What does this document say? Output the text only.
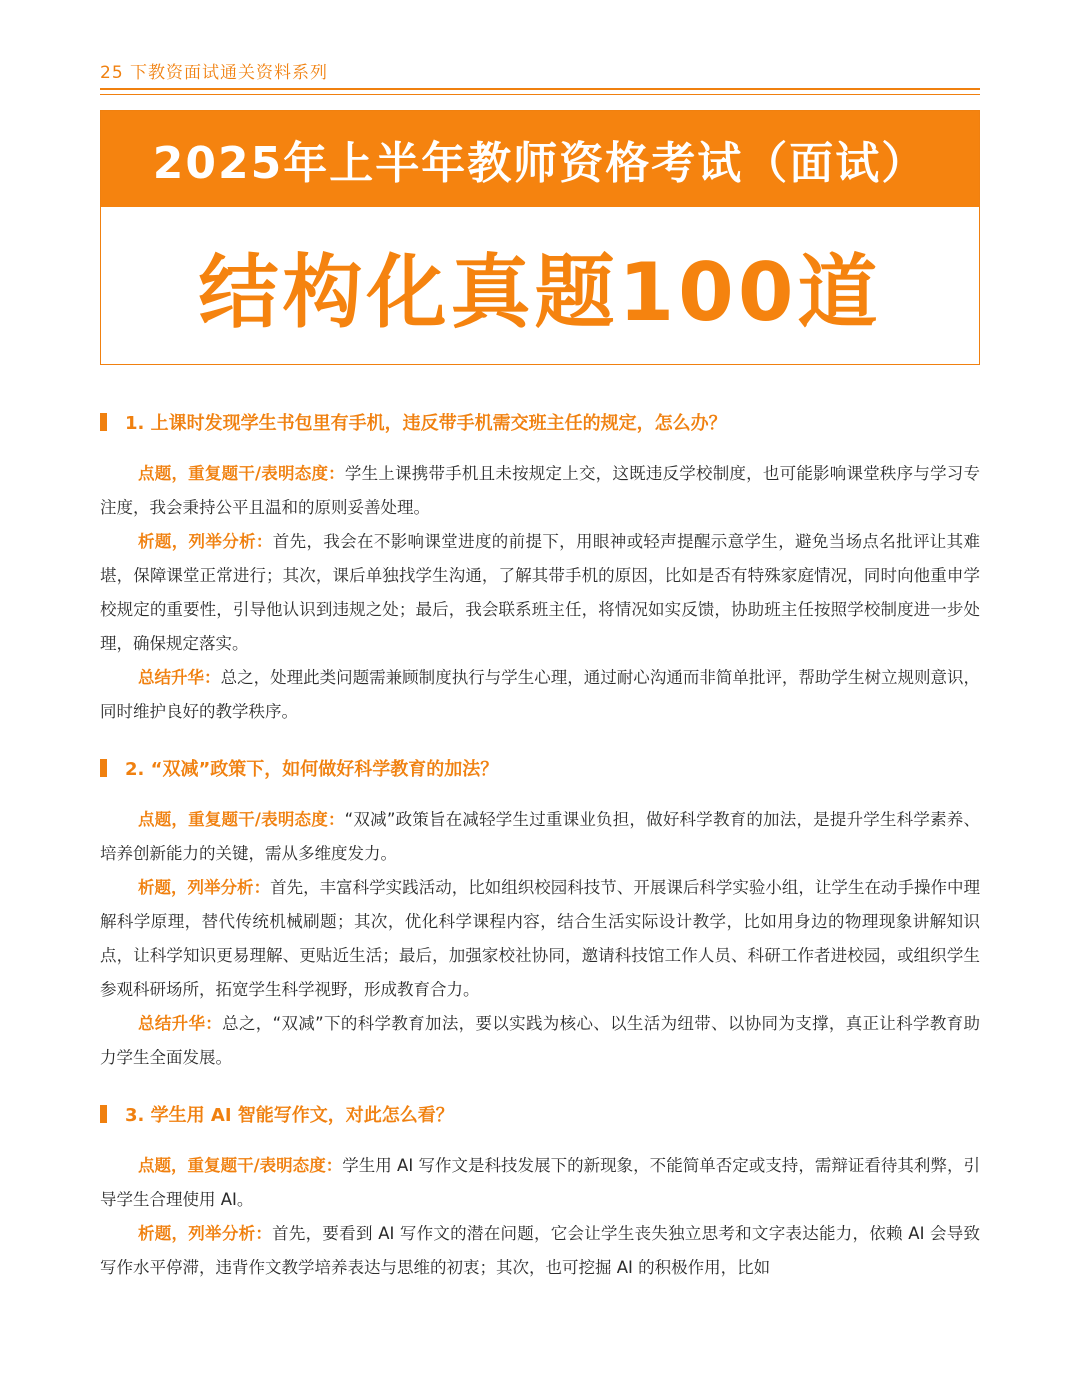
25 下教资面试通关资料系列
2025年上半年教师资格考试（面试）
结构化真题100道
1. 上课时发现学生书包里有手机，违反带手机需交班主任的规定，怎么办？

点题，重复题干/表明态度：学生上课携带手机且未按规定上交，这既违反学校制度，也可能影响课堂秩序与学习专注度，我会秉持公平且温和的原则妥善处理。

析题，列举分析：首先，我会在不影响课堂进度的前提下，用眼神或轻声提醒示意学生，避免当场点名批评让其难堪，保障课堂正常进行；其次，课后单独找学生沟通，了解其带手机的原因，比如是否有特殊家庭情况，同时向他重申学校规定的重要性，引导他认识到违规之处；最后，我会联系班主任，将情况如实反馈，协助班主任按照学校制度进一步处理，确保规定落实。

总结升华：总之，处理此类问题需兼顾制度执行与学生心理，通过耐心沟通而非简单批评，帮助学生树立规则意识，同时维护良好的教学秩序。

2. “双减”政策下，如何做好科学教育的加法？

点题，重复题干/表明态度：“双减”政策旨在减轻学生过重课业负担，做好科学教育的加法，是提升学生科学素养、培养创新能力的关键，需从多维度发力。

析题，列举分析：首先，丰富科学实践活动，比如组织校园科技节、开展课后科学实验小组，让学生在动手操作中理解科学原理，替代传统机械刷题；其次，优化科学课程内容，结合生活实际设计教学，比如用身边的物理现象讲解知识点，让科学知识更易理解、更贴近生活；最后，加强家校社协同，邀请科技馆工作人员、科研工作者进校园，或组织学生参观科研场所，拓宽学生科学视野，形成教育合力。

总结升华：总之，“双减”下的科学教育加法，要以实践为核心、以生活为纽带、以协同为支撑，真正让科学教育助力学生全面发展。

3. 学生用 AI 智能写作文，对此怎么看？

点题，重复题干/表明态度：学生用 AI 写作文是科技发展下的新现象，不能简单否定或支持，需辩证看待其利弊，引导学生合理使用 AI。

析题，列举分析：首先，要看到 AI 写作文的潜在问题，它会让学生丧失独立思考和文字表达能力，依赖 AI 会导致写作水平停滞，违背作文教学培养表达与思维的初衷；其次，也可挖掘 AI 的积极作用，比如
